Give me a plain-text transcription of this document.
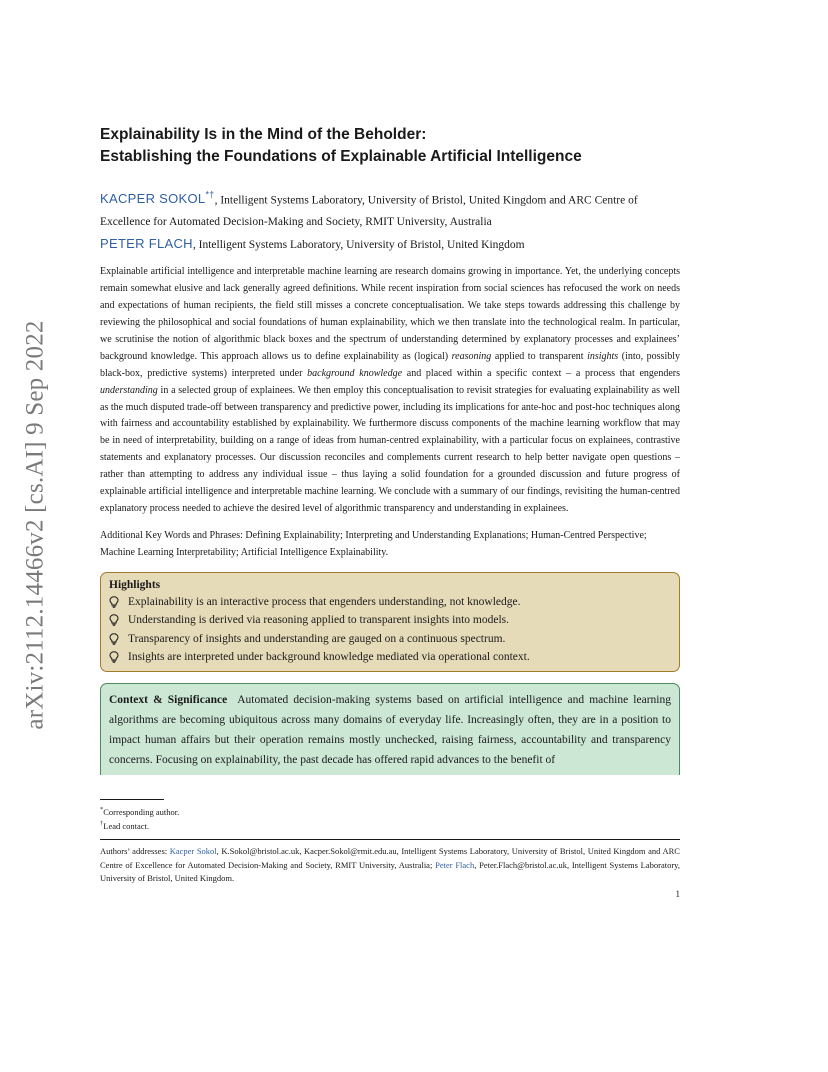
arXiv:2112.14466v2 [cs.AI] 9 Sep 2022
Explainability Is in the Mind of the Beholder:
Establishing the Foundations of Explainable Artificial Intelligence
KACPER SOKOL*†, Intelligent Systems Laboratory, University of Bristol, United Kingdom and ARC Centre of Excellence for Automated Decision-Making and Society, RMIT University, Australia
PETER FLACH, Intelligent Systems Laboratory, University of Bristol, United Kingdom

Explainable artificial intelligence and interpretable machine learning are research domains growing in importance. Yet, the underlying concepts remain somewhat elusive and lack generally agreed definitions. While recent inspiration from social sciences has refocused the work on needs and expectations of human recipients, the field still misses a concrete conceptualisation. We take steps towards addressing this challenge by reviewing the philosophical and social foundations of human explainability, which we then translate into the technological realm. In particular, we scrutinise the notion of algorithmic black boxes and the spectrum of understanding determined by explanatory processes and explainees’ background knowledge. This approach allows us to define explainability as (logical) reasoning applied to transparent insights (into, possibly black-box, predictive systems) interpreted under background knowledge and placed within a specific context – a process that engenders understanding in a selected group of explainees. We then employ this conceptualisation to revisit strategies for evaluating explainability as well as the much disputed trade-off between transparency and predictive power, including its implications for ante-hoc and post-hoc techniques along with fairness and accountability established by explainability. We furthermore discuss components of the machine learning workflow that may be in need of interpretability, building on a range of ideas from human-centred explainability, with a particular focus on explainees, contrastive statements and explanatory processes. Our discussion reconciles and complements current research to help better navigate open questions – rather than attempting to address any individual issue – thus laying a solid foundation for a grounded discussion and future progress of explainable artificial intelligence and interpretable machine learning. We conclude with a summary of our findings, revisiting the human-centred explanatory process needed to achieve the desired level of algorithmic transparency and understanding in explainees.

Additional Key Words and Phrases: Defining Explainability; Interpreting and Understanding Explanations; Human-Centred Perspective; Machine Learning Interpretability; Artificial Intelligence Explainability.
Highlights
Explainability is an interactive process that engenders understanding, not knowledge.
Understanding is derived via reasoning applied to transparent insights into models.
Transparency of insights and understanding are gauged on a continuous spectrum.
Insights are interpreted under background knowledge mediated via operational context.
Context & Significance Automated decision-making systems based on artificial intelligence and machine learning algorithms are becoming ubiquitous across many domains of everyday life. Increasingly often, they are in a position to impact human affairs but their operation remains mostly unchecked, raising fairness, accountability and transparency concerns. Focusing on explainability, the past decade has offered rapid advances to the benefit of
*Corresponding author.
†Lead contact.
Authors’ addresses: Kacper Sokol, K.Sokol@bristol.ac.uk, Kacper.Sokol@rmit.edu.au, Intelligent Systems Laboratory, University of Bristol, United Kingdom and ARC Centre of Excellence for Automated Decision-Making and Society, RMIT University, Australia; Peter Flach, Peter.Flach@bristol.ac.uk, Intelligent Systems Laboratory, University of Bristol, United Kingdom.
1
